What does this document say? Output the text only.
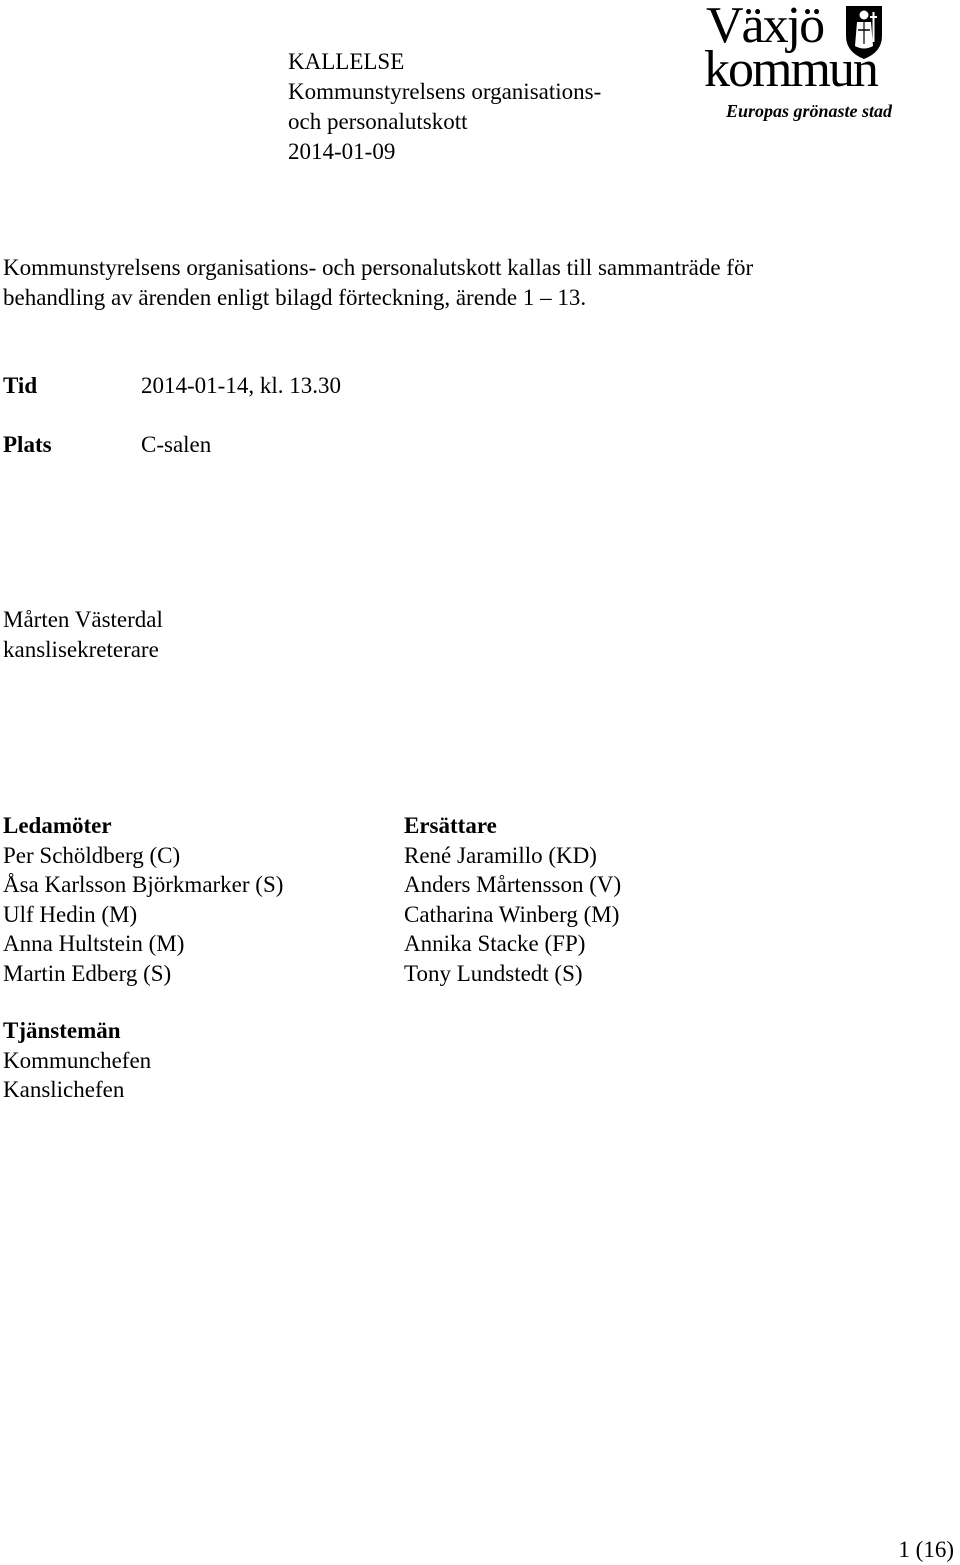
KALLELSE
Kommunstyrelsens organisations-
och personalutskott
2014-01-09
Växjö
kommun
Europas grönaste stad
Kommunstyrelsens organisations- och personalutskott kallas till sammanträde för
behandling av ärenden enligt bilagd förteckning, ärende 1 – 13.
Tid	2014-01-14, kl. 13.30
Plats	C-salen
Mårten Västerdal
kanslisekreterare
Ledamöter
Per Schöldberg (C)
Åsa Karlsson Björkmarker (S)
Ulf Hedin (M)
Anna Hultstein (M)
Martin Edberg (S)
Ersättare
René Jaramillo (KD)
Anders Mårtensson (V)
Catharina Winberg (M)
Annika Stacke (FP)
Tony Lundstedt (S)
Tjänstemän
Kommunchefen
Kanslichefen
1 (16)
